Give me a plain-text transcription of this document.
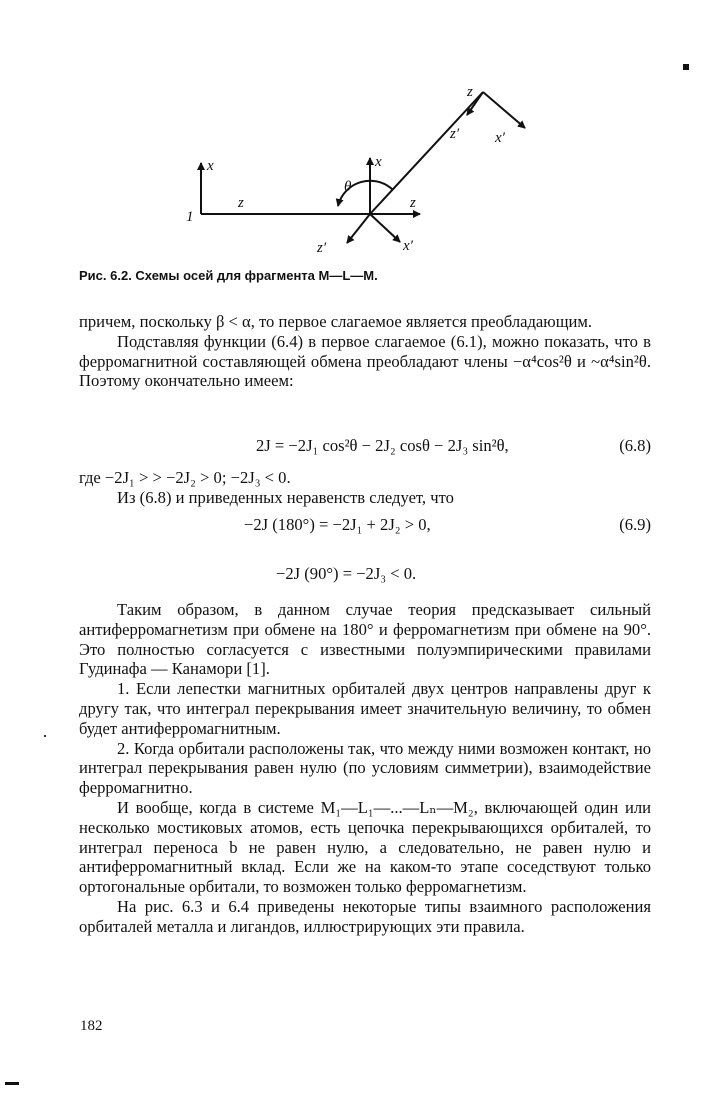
z
z′ x′
x
z
1
x
θ
z
z′	x′
Рис. 6.2. Схемы осей для фрагмента M—L—M.

причем, поскольку β < α, то первое слагаемое является преобладающим.

Подставляя функции (6.4) в первое слагаемое (6.1), можно показать, что в ферромагнитной составляющей обмена преобладают члены −α⁴cos²θ и ~α⁴sin²θ. Поэтому окончательно имеем:

2J = −2J₁ cos²θ − 2J₂ cosθ − 2J₃ sin²θ,	(6.8)

где −2J₁ > > −2J₂ > 0; −2J₃ < 0.

Из (6.8) и приведенных неравенств следует, что

−2J (180°) = −2J₁ + 2J₂ > 0,	(6.9)
−2J (90°) = −2J₃ < 0.

Таким образом, в данном случае теория предсказывает сильный антиферромагнетизм при обмене на 180° и ферромагнетизм при обмене на 90°. Это полностью согласуется с известными полуэмпирическими правилами Гудинафа — Канамори [1].

1. Если лепестки магнитных орбиталей двух центров направлены друг к другу так, что интеграл перекрывания имеет значительную величину, то обмен будет антиферромагнитным.

2. Когда орбитали расположены так, что между ними возможен контакт, но интеграл перекрывания равен нулю (по условиям симметрии), взаимодействие ферромагнитно.

И вообще, когда в системе M₁—L₁—...—Lₙ—M₂, включающей один или несколько мостиковых атомов, есть цепочка перекрывающихся орбиталей, то интеграл переноса b не равен нулю, а следовательно, не равен нулю и антиферромагнитный вклад. Если же на каком-то этапе соседствуют только ортогональные орбитали, то возможен только ферромагнетизм.

На рис. 6.3 и 6.4 приведены некоторые типы взаимного расположения орбиталей металла и лигандов, иллюстрирующих эти правила.

182
